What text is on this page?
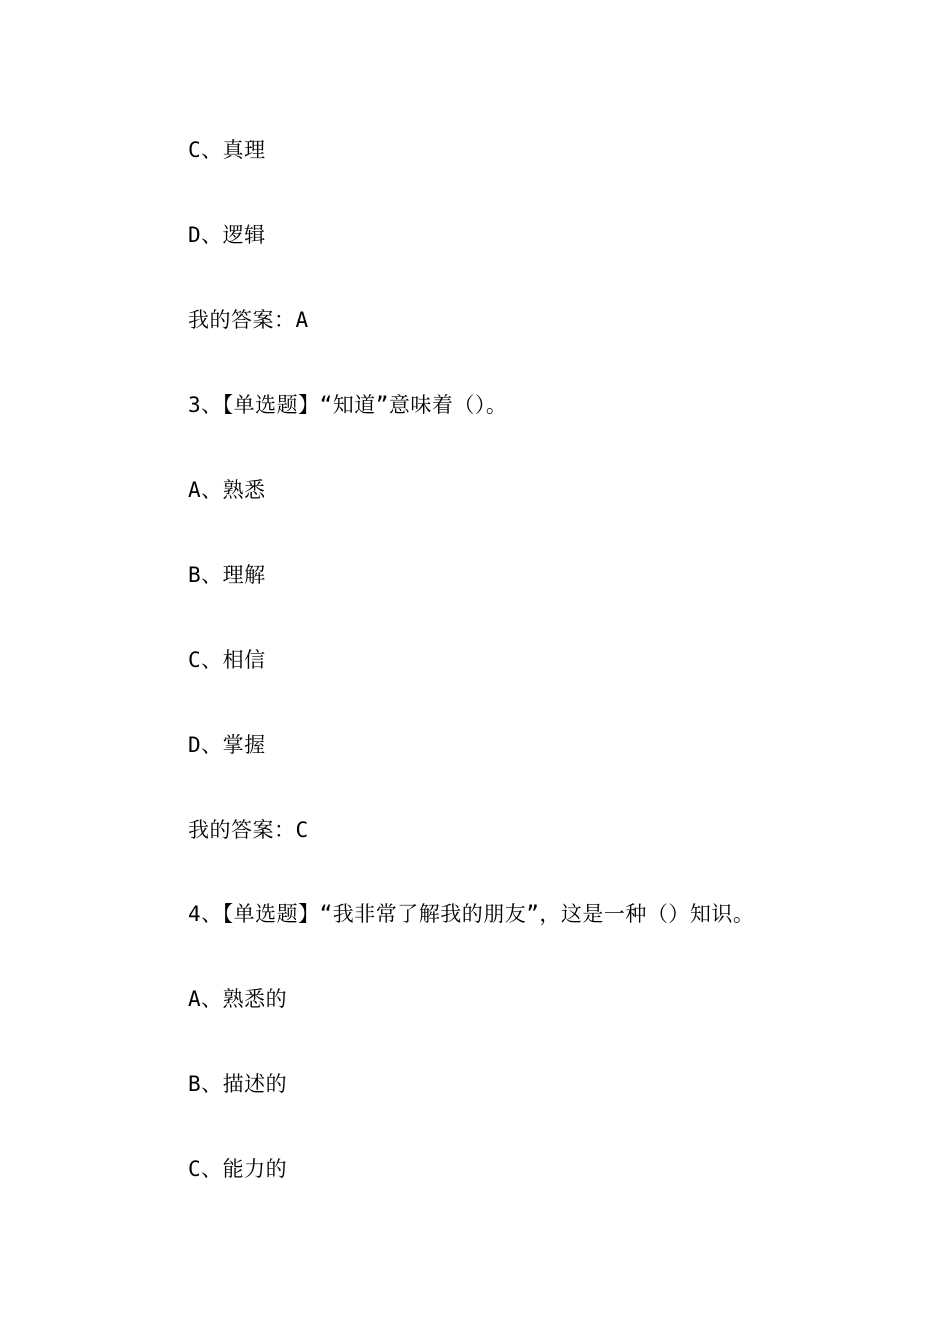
C、真理
D、逻辑
我的答案：A
3、【单选题】“知道”意味着（）。
A、熟悉
B、理解
C、相信
D、掌握
我的答案：C
4、【单选题】“我非常了解我的朋友”，这是一种（）知识。
A、熟悉的
B、描述的
C、能力的
